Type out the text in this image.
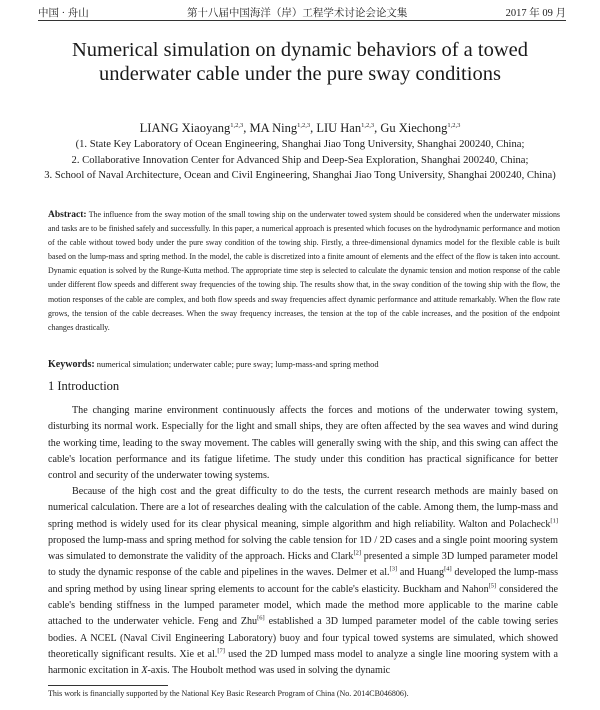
中国 · 舟山	第十八届中国海洋（岸）工程学术讨论会论文集	2017 年 09 月
Numerical simulation on dynamic behaviors of a towed underwater cable under the pure sway conditions
LIANG Xiaoyang$^{1,2,3}$, MA Ning$^{1,2,3}$, LIU Han$^{1,2,3}$, Gu Xiechong$^{1,2,3}$
(1. State Key Laboratory of Ocean Engineering, Shanghai Jiao Tong University, Shanghai 200240, China;
2. Collaborative Innovation Center for Advanced Ship and Deep-Sea Exploration, Shanghai 200240, China;
3. School of Naval Architecture, Ocean and Civil Engineering, Shanghai Jiao Tong University, Shanghai 200240, China)
Abstract: The influence from the sway motion of the small towing ship on the underwater towed system should be considered when the underwater missions and tasks are to be finished safely and successfully. In this paper, a numerical approach is presented which focuses on the hydrodynamic performance and motion of the cable without towed body under the pure sway condition of the towing ship. Firstly, a three-dimensional dynamics model for the flexible cable is built based on the lump-mass and spring method. In the model, the cable is discretized into a finite amount of elements and the effect of the flow is taken into account. Dynamic equation is solved by the Runge-Kutta method. The appropriate time step is selected to calculate the dynamic tension and motion response of the cable under different flow speeds and different sway frequencies of the towing ship. The results show that, in the sway condition of the towing ship with the flow, the motion responses of the cable are complex, and both flow speeds and sway frequencies affect dynamic performance and attitude remarkably. When the flow rate grows, the tension of the cable decreases. When the sway frequency increases, the tension at the top of the cable increases, and the position of the endpoint changes drastically.
Keywords: numerical simulation; underwater cable; pure sway; lump-mass-and spring method
1 Introduction
The changing marine environment continuously affects the forces and motions of the underwater towing system, disturbing its normal work. Especially for the light and small ships, they are often affected by the sea waves and wind during the working time, leading to the sway movement. The cables will generally swing with the ship, and this swing can affect the cable's location performance and its fatigue lifetime. The study under this condition has practical significance for better control and security of the underwater towing systems.
Because of the high cost and the great difficulty to do the tests, the current research methods are mainly based on numerical calculation. There are a lot of researches dealing with the calculation of the cable. Among them, the lump-mass and spring method is widely used for its clear physical meaning, simple algorithm and high reliability. Walton and Polacheck[1] proposed the lump-mass and spring method for solving the cable tension for 1D / 2D cases and a single point mooring system was simulated to demonstrate the validity of the approach. Hicks and Clark[2] presented a simple 3D lumped parameter model to study the dynamic response of the cable and pipelines in the waves. Delmer et al.[3] and Huang[4] developed the lump-mass and spring method by using linear spring elements to account for the cable's elasticity. Buckham and Nahon[5] considered the cable's bending stiffness in the lumped parameter model, which made the method more applicable to the marine cable attached to the underwater vehicle. Feng and Zhu[6] established a 3D lumped parameter model of the cable towing series bodies. A NCEL (Naval Civil Engineering Laboratory) buoy and four typical towed systems are simulated, which showed theoretically significant results. Xie et al.[7] used the 2D lumped mass model to analyze a single line mooring system with a harmonic excitation in X-axis. The Houbolt method was used in solving the dynamic
This work is financially supported by the National Key Basic Research Program of China (No. 2014CB046806).
